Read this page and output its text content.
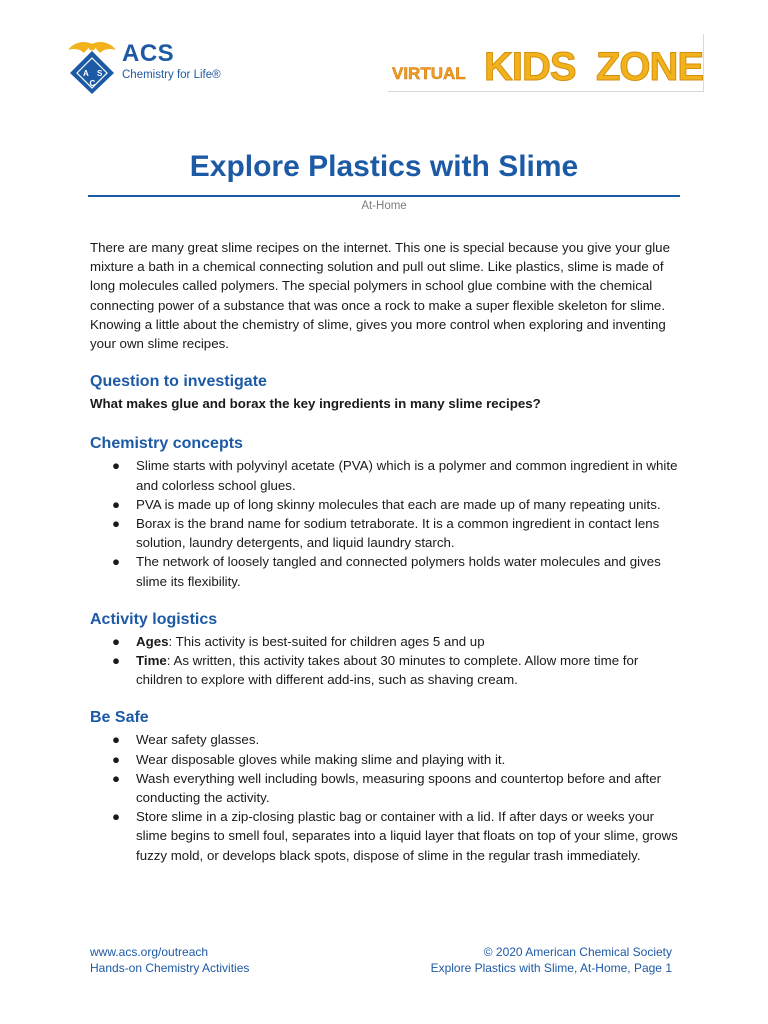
A S
C
ACS
Chemistry for Life®	VIRTUAL KIDS ZONE
Explore Plastics with Slime
At-Home

There are many great slime recipes on the internet. This one is special because you give your glue mixture a bath in a chemical connecting solution and pull out slime. Like plastics, slime is made of long molecules called polymers. The special polymers in school glue combine with the chemical connecting power of a substance that was once a rock to make a super flexible skeleton for slime. Knowing a little about the chemistry of slime, gives you more control when exploring and inventing your own slime recipes.

Question to investigate

What makes glue and borax the key ingredients in many slime recipes?

Chemistry concepts
● Slime starts with polyvinyl acetate (PVA) which is a polymer and common ingredient in white and colorless school glues.
● PVA is made up of long skinny molecules that each are made up of many repeating units.
● Borax is the brand name for sodium tetraborate. It is a common ingredient in contact lens solution, laundry detergents, and liquid laundry starch.
● The network of loosely tangled and connected polymers holds water molecules and gives slime its flexibility.
Activity logistics
● Ages: This activity is best-suited for children ages 5 and up
● Time: As written, this activity takes about 30 minutes to complete. Allow more time for children to explore with different add-ins, such as shaving cream.
Be Safe
● Wear safety glasses.
● Wear disposable gloves while making slime and playing with it.
● Wash everything well including bowls, measuring spoons and countertop before and after conducting the activity.
● Store slime in a zip-closing plastic bag or container with a lid. If after days or weeks your slime begins to smell foul, separates into a liquid layer that floats on top of your slime, grows fuzzy mold, or develops black spots, dispose of slime in the regular trash immediately.
www.acs.org/outreach
Hands-on Chemistry Activities
© 2020 American Chemical Society
Explore Plastics with Slime, At-Home, Page 1
